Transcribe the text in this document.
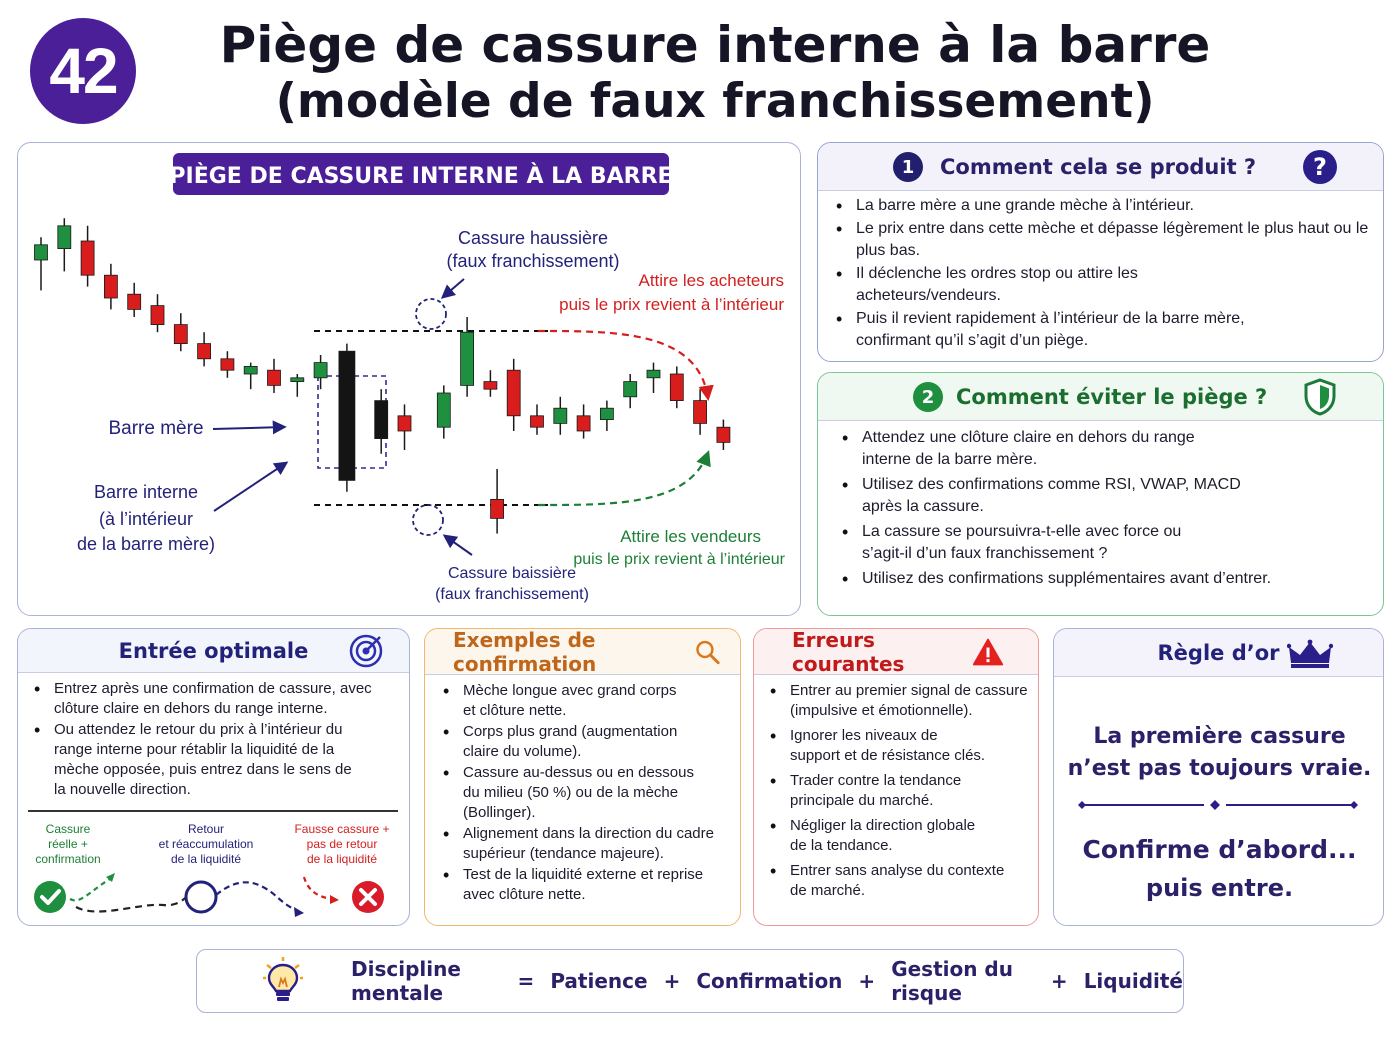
42	Piège de cassure interne à la barre
(modèle de faux franchissement)
PIÈGE DE CASSURE INTERNE À LA BARRE
Barre mère
Barre interne
(à l’intérieur
de la barre mère)
Cassure haussière
(faux franchissement)
Attire les acheteurs
puis le prix revient à l’intérieur
Attire les vendeurs
puis le prix revient à l’intérieur
Cassure baissière
(faux franchissement)
1 Comment cela se produit ? ?
• La barre mère a une grande mèche à l’intérieur.
• Le prix entre dans cette mèche et dépasse légèrement le plus haut ou le plus bas.
• Il déclenche les ordres stop ou attire les acheteurs/vendeurs.
• Puis il revient rapidement à l’intérieur de la barre mère, confirmant qu’il s’agit d’un piège.
2 Comment éviter le piège ?
• Attendez une clôture claire en dehors du range interne de la barre mère.
• Utilisez des confirmations comme RSI, VWAP, MACD après la cassure.
• La cassure se poursuivra-t-elle avec force ou s’agit-il d’un faux franchissement ?
• Utilisez des confirmations supplémentaires avant d’entrer.
Entrée optimale
• Entrez après une confirmation de cassure, avec clôture claire en dehors du range interne.
• Ou attendez le retour du prix à l’intérieur du range interne pour rétablir la liquidité de la mèche opposée, puis entrez dans le sens de la nouvelle direction.
Cassure
réelle +
confirmation
Retour
et réaccumulation
de la liquidité
Fausse cassure +
pas de retour
de la liquidité
Exemples de confirmation
• Mèche longue avec grand corps et clôture nette.
• Corps plus grand (augmentation claire du volume).
• Cassure au-dessus ou en dessous du milieu (50 %) ou de la mèche (Bollinger).
• Alignement dans la direction du cadre supérieur (tendance majeure).
• Test de la liquidité externe et reprise avec clôture nette.
Erreurs courantes
• Entrer au premier signal de cassure (impulsive et émotionnelle).
• Ignorer les niveaux de support et de résistance clés.
• Trader contre la tendance principale du marché.
• Négliger la direction globale de la tendance.
• Entrer sans analyse du contexte de marché.
Règle d’or
La première cassure
n’est pas toujours vraie.
Confirme d’abord...
puis entre.
Discipline mentale	= Patience + Confirmation + Gestion du risque	+ Liquidité
